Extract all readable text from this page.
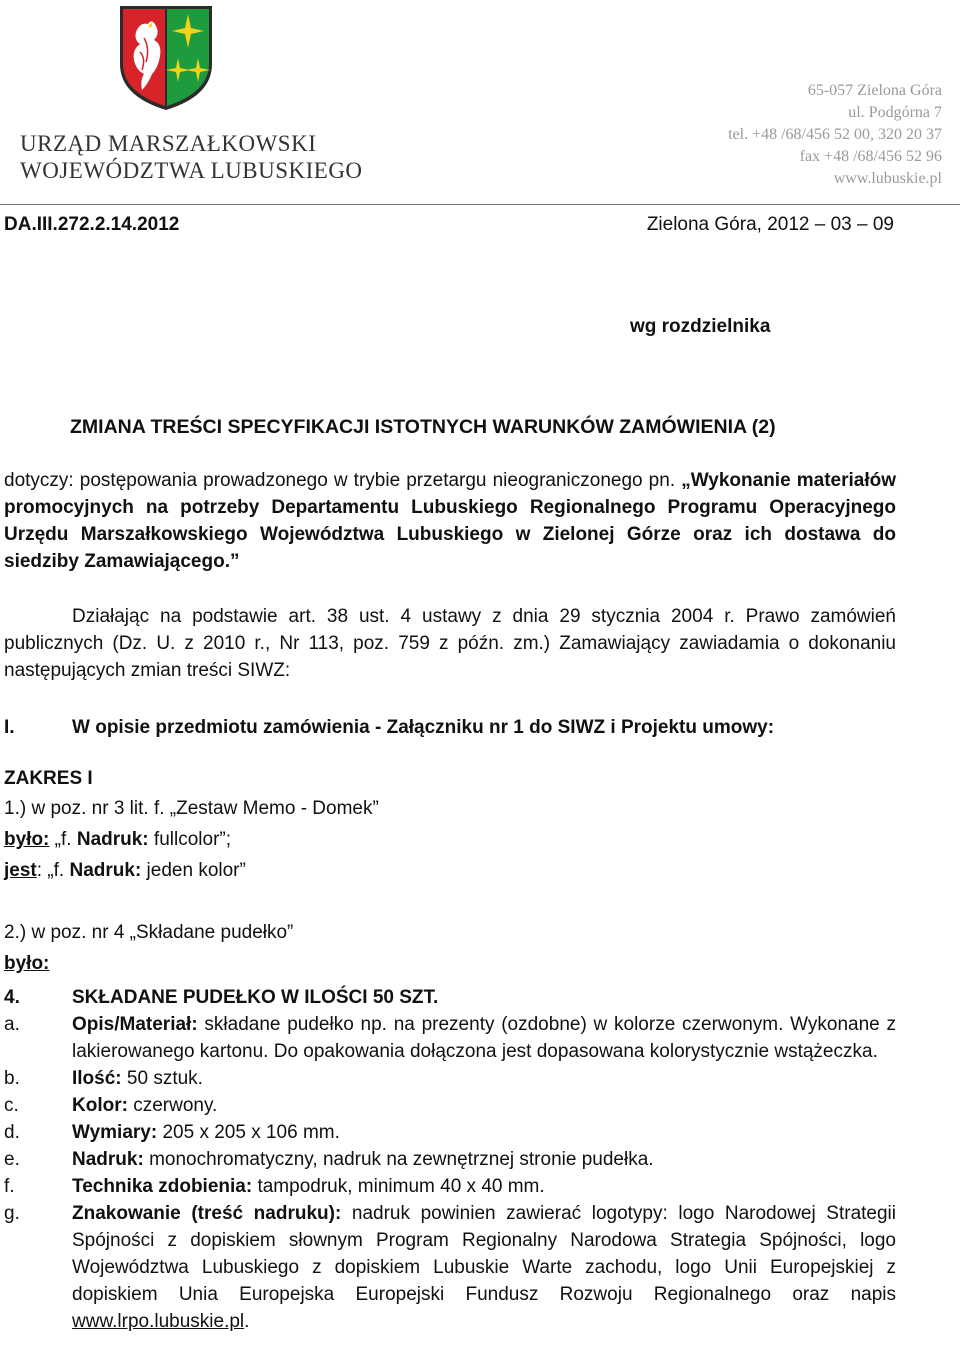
URZĄD MARSZAŁKOWSKI
WOJEWÓDZTWA LUBUSKIEGO
65-057 Zielona Góra
ul. Podgórna 7
tel. +48 /68/456 52 00, 320 20 37
fax +48 /68/456 52 96
www.lubuskie.pl
DA.III.272.2.14.2012	Zielona Góra, 2012 – 03 – 09
wg rozdzielnika
ZMIANA TREŚCI SPECYFIKACJI ISTOTNYCH WARUNKÓW ZAMÓWIENIA (2)
dotyczy: postępowania prowadzonego w trybie przetargu nieograniczonego pn. „Wykonanie materiałów promocyjnych na potrzeby Departamentu Lubuskiego Regionalnego Programu Operacyjnego Urzędu Marszałkowskiego Województwa Lubuskiego w Zielonej Górze oraz ich dostawa do siedziby Zamawiającego.”
Działając na podstawie art. 38 ust. 4 ustawy z dnia 29 stycznia 2004 r. Prawo zamówień publicznych (Dz. U. z 2010 r., Nr 113, poz. 759 z późn. zm.) Zamawiający zawiadamia o dokonaniu następujących zmian treści SIWZ:
I.	W opisie przedmiotu zamówienia - Załączniku nr 1 do SIWZ i Projektu umowy:
ZAKRES I
1.) w poz. nr 3 lit. f. „Zestaw Memo - Domek”
było: „f. Nadruk: fullcolor”;
jest: „f. Nadruk: jeden kolor”
2.) w poz. nr 4 „Składane pudełko”
było:
4.	SKŁADANE PUDEŁKO W ILOŚCI 50 SZT.
a.	Opis/Materiał: składane pudełko np. na prezenty (ozdobne) w kolorze czerwonym. Wykonane z lakierowanego kartonu. Do opakowania dołączona jest dopasowana kolorystycznie wstążeczka.
b.	Ilość: 50 sztuk.
c.	Kolor: czerwony.
d.	Wymiary: 205 x 205 x 106 mm.
e.	Nadruk: monochromatyczny, nadruk na zewnętrznej stronie pudełka.
f.	Technika zdobienia: tampodruk, minimum 40 x 40 mm.
g.	Znakowanie (treść nadruku): nadruk powinien zawierać logotypy: logo Narodowej Strategii Spójności z dopiskiem słownym Program Regionalny Narodowa Strategia Spójności, logo Województwa Lubuskiego z dopiskiem Lubuskie Warte zachodu, logo Unii Europejskiej z dopiskiem Unia Europejska Europejski Fundusz Rozwoju Regionalnego oraz napis www.lrpo.lubuskie.pl.
